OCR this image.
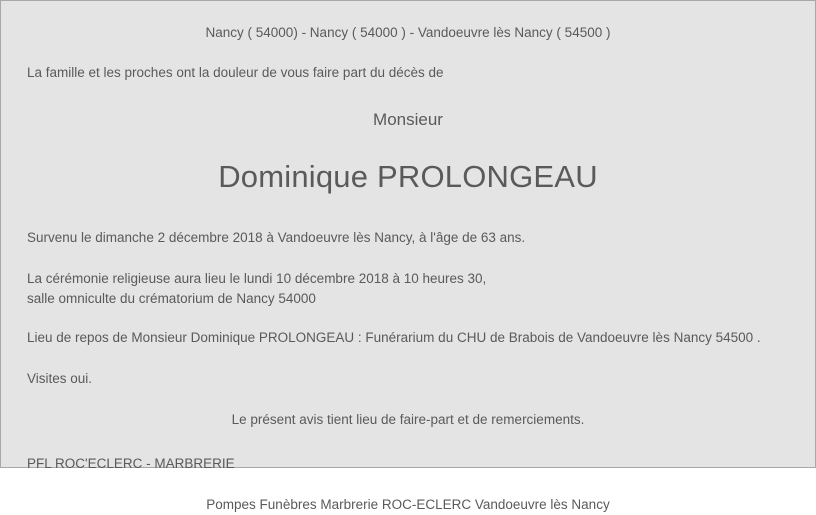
Nancy ( 54000) - Nancy ( 54000 ) - Vandoeuvre lès Nancy ( 54500 )
La famille et les proches ont la douleur de vous faire part du décès de
Monsieur
Dominique PROLONGEAU
Survenu le dimanche 2 décembre 2018 à Vandoeuvre lès Nancy, à l'âge de 63 ans.
La cérémonie religieuse aura lieu le lundi 10 décembre 2018 à 10 heures 30,
salle omniculte du crématorium de Nancy 54000
Lieu de repos de Monsieur Dominique PROLONGEAU : Funérarium du CHU de Brabois de Vandoeuvre lès Nancy 54500 .
Visites oui.
Le présent avis tient lieu de faire-part et de remerciements.
PFL ROC'ECLERC - MARBRERIE
Pompes Funèbres Marbrerie ROC-ECLERC Vandoeuvre lès Nancy
